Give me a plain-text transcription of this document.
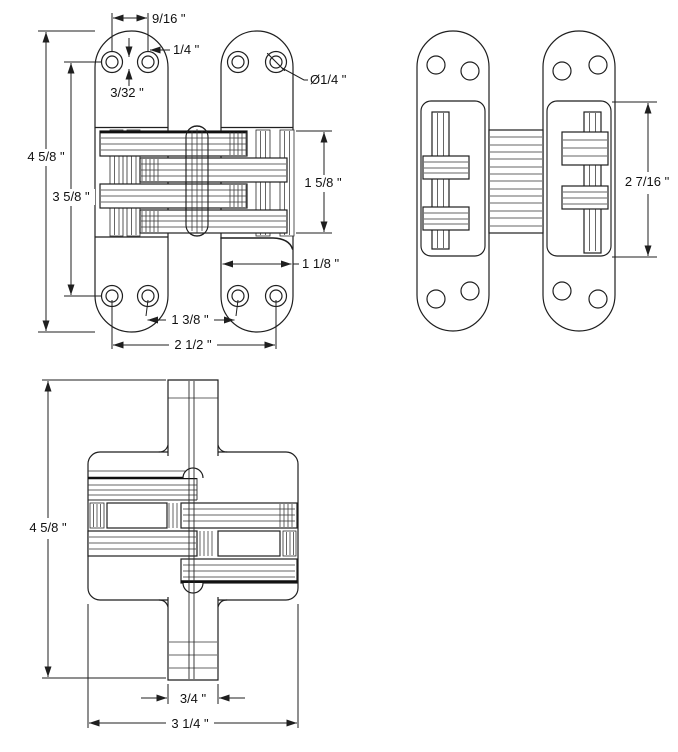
4 5/8 "
3 5/8 "
9/16 "
1/4 "
3/32 "
Ø1/4 "
1 5/8 "
1 1/8 "
1 3/8 "
2 1/2 "
2 7/16 "
4 5/8 "
3/4 "
3 1/4 "
